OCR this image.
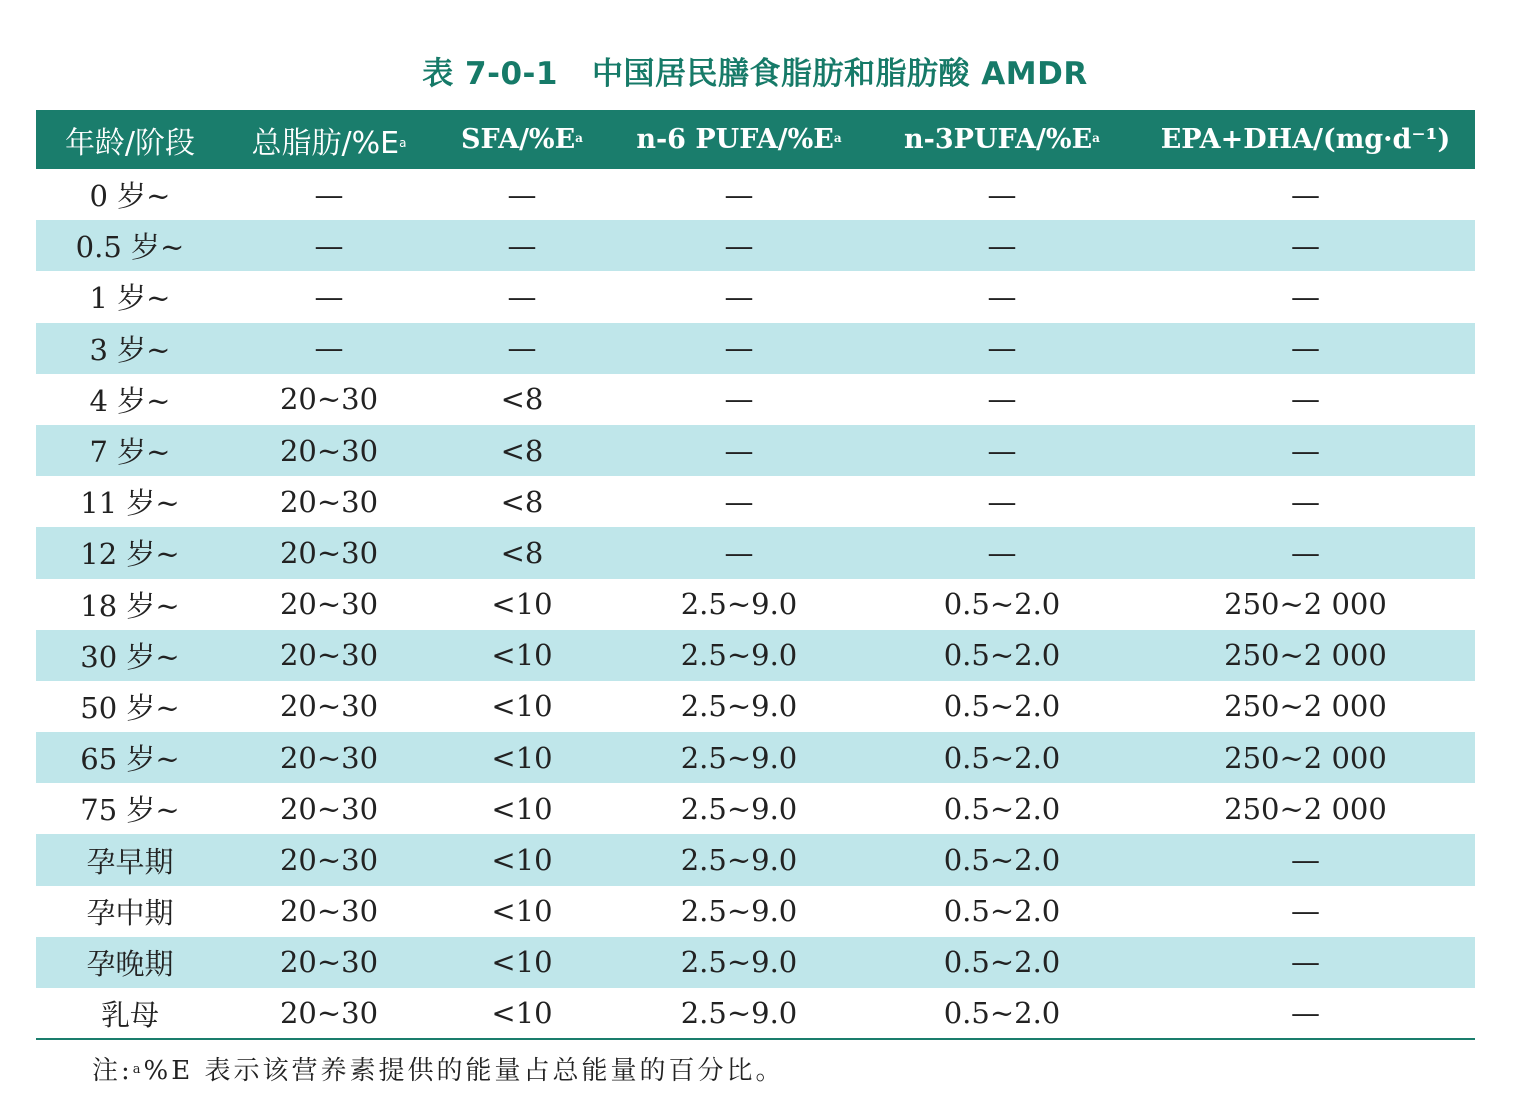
表 7-0-1 中国居民膳食脂肪和脂肪酸 AMDR
年龄/阶段	总脂肪$/\%E^a$	SFA/$\%E^a$	n-6 PUFA/$\%E^a$	$n-3PUFA/\%E^a$	EPA+DHA/(mg·d⁻¹)
0 岁~	—	—	—	—	—
0.5 岁~	—	—	—	—	—
1 岁~	—	—	—	—	—
3 岁~	—	—	—	—	—
4 岁~	20~30	<8	—	—	—
7 岁~	20~30	<8	—	—	—
11 岁~	20~30	<8	—	—	—
12 岁~	20~30	<8	—	—	—
18 岁~	20~30	<10	2.5~9.0	0.5~2.0	250~2 000
30 岁~	20~30	<10	2.5~9.0	0.5~2.0	250~2 000
50 岁~	20~30	<10	2.5~9.0	0.5~2.0	250~2 000
65 岁~	20~30	<10	2.5~9.0	0.5~2.0	250~2 000
75 岁~	20~30	<10	2.5~9.0	0.5~2.0	250~2 000
孕早期	20~30	<10	2.5~9.0	0.5~2.0	—
孕中期	20~30	<10	2.5~9.0	0.5~2.0	—
孕晚期	20~30	<10	2.5~9.0	0.5~2.0	—
乳母	20~30	<10	2.5~9.0	0.5~2.0	—
注:$^a$%E 表示该营养素提供的能量占总能量的百分比。
